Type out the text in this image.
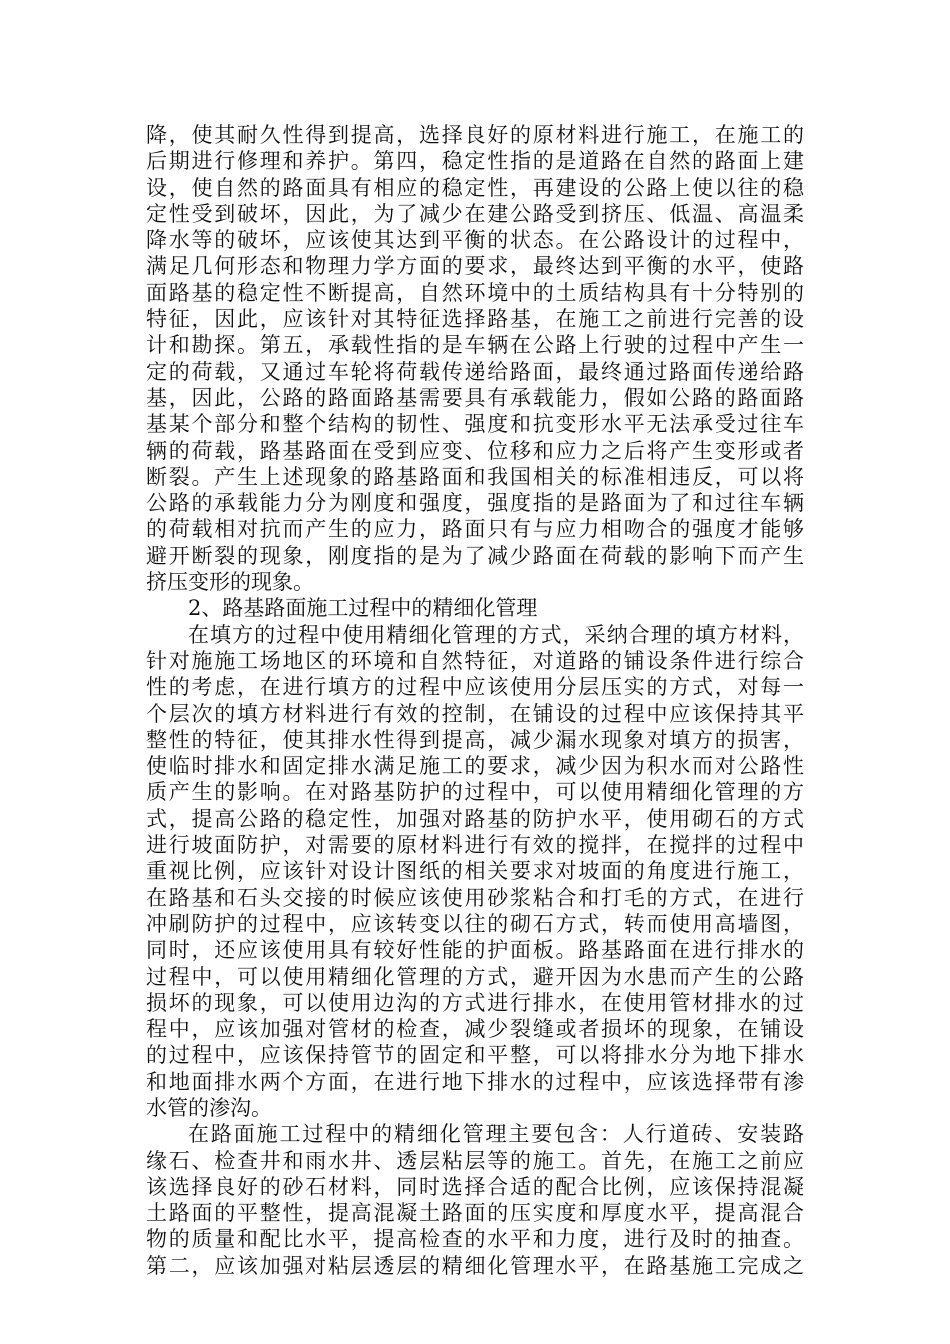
降，使其耐久性得到提高，选择良好的原材料进行施工，在施工的
后期进行修理和养护。第四，稳定性指的是道路在自然的路面上建
设，使自然的路面具有相应的稳定性，再建设的公路上使以往的稳
定性受到破坏，因此，为了减少在建公路受到挤压、低温、高温柔
降水等的破坏，应该使其达到平衡的状态。在公路设计的过程中，
满足几何形态和物理力学方面的要求，最终达到平衡的水平，使路
面路基的稳定性不断提高，自然环境中的土质结构具有十分特别的
特征，因此，应该针对其特征选择路基，在施工之前进行完善的设
计和勘探。第五，承载性指的是车辆在公路上行驶的过程中产生一
定的荷载，又通过车轮将荷载传递给路面，最终通过路面传递给路
基，因此，公路的路面路基需要具有承载能力，假如公路的路面路
基某个部分和整个结构的韧性、强度和抗变形水平无法承受过往车
辆的荷载，路基路面在受到应变、位移和应力之后将产生变形或者
断裂。产生上述现象的路基路面和我国相关的标准相违反，可以将
公路的承载能力分为刚度和强度，强度指的是路面为了和过往车辆
的荷载相对抗而产生的应力，路面只有与应力相吻合的强度才能够
避开断裂的现象，刚度指的是为了减少路面在荷载的影响下而产生
挤压变形的现象。
2、路基路面施工过程中的精细化管理
在填方的过程中使用精细化管理的方式，采纳合理的填方材料，
针对施施工场地区的环境和自然特征，对道路的铺设条件进行综合
性的考虑，在进行填方的过程中应该使用分层压实的方式，对每一
个层次的填方材料进行有效的控制，在铺设的过程中应该保持其平
整性的特征，使其排水性得到提高，减少漏水现象对填方的损害，
使临时排水和固定排水满足施工的要求，减少因为积水而对公路性
质产生的影响。在对路基防护的过程中，可以使用精细化管理的方
式，提高公路的稳定性，加强对路基的防护水平，使用砌石的方式
进行坡面防护，对需要的原材料进行有效的搅拌，在搅拌的过程中
重视比例，应该针对设计图纸的相关要求对坡面的角度进行施工，
在路基和石头交接的时候应该使用砂浆粘合和打毛的方式，在进行
冲刷防护的过程中，应该转变以往的砌石方式，转而使用高墙图，
同时，还应该使用具有较好性能的护面板。路基路面在进行排水的
过程中，可以使用精细化管理的方式，避开因为水患而产生的公路
损坏的现象，可以使用边沟的方式进行排水，在使用管材排水的过
程中，应该加强对管材的检查，减少裂缝或者损坏的现象，在铺设
的过程中，应该保持管节的固定和平整，可以将排水分为地下排水
和地面排水两个方面，在进行地下排水的过程中，应该选择带有渗
水管的渗沟。
在路面施工过程中的精细化管理主要包含：人行道砖、安装路
缘石、检查井和雨水井、透层粘层等的施工。首先，在施工之前应
该选择良好的砂石材料，同时选择合适的配合比例，应该保持混凝
土路面的平整性，提高混凝土路面的压实度和厚度水平，提高混合
物的质量和配比水平，提高检查的水平和力度，进行及时的抽查。
第二，应该加强对粘层透层的精细化管理水平，在路基施工完成之
